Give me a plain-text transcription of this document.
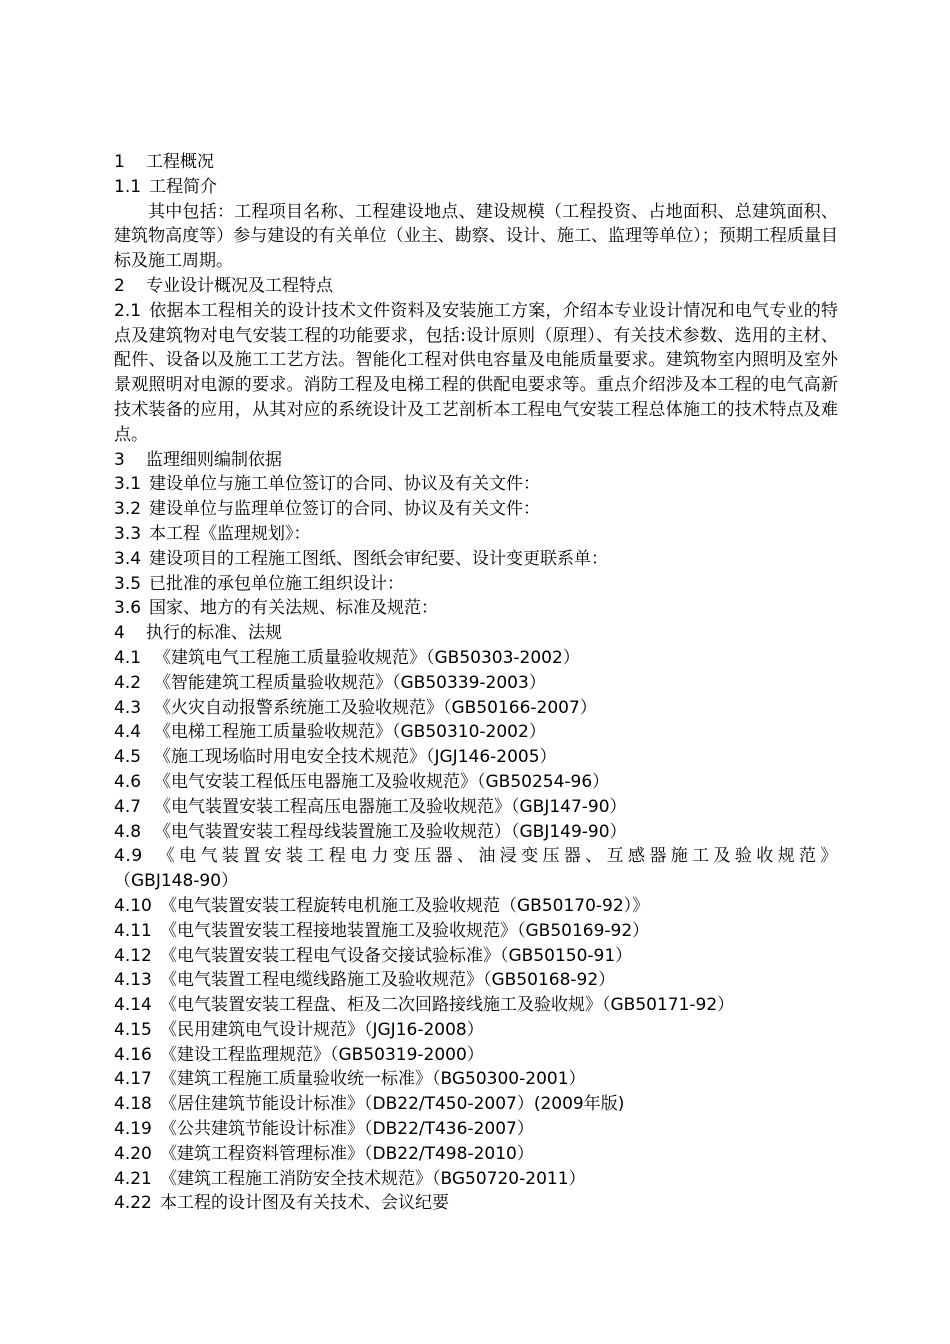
1 工程概况
1.1 工程简介
其中包括：工程项目名称、工程建设地点、建设规模（工程投资、占地面积、总建筑面积、建筑物高度等）参与建设的有关单位（业主、勘察、设计、施工、监理等单位）；预期工程质量目标及施工周期。
2 专业设计概况及工程特点
2.1 依据本工程相关的设计技术文件资料及安装施工方案，介绍本专业设计情况和电气专业的特点及建筑物对电气安装工程的功能要求，包括:设计原则（原理）、有关技术参数、选用的主材、配件、设备以及施工工艺方法。智能化工程对供电容量及电能质量要求。建筑物室内照明及室外景观照明对电源的要求。消防工程及电梯工程的供配电要求等。重点介绍涉及本工程的电气高新技术装备的应用，从其对应的系统设计及工艺剖析本工程电气安装工程总体施工的技术特点及难点。
3 监理细则编制依据
3.1 建设单位与施工单位签订的合同、协议及有关文件：
3.2 建设单位与监理单位签订的合同、协议及有关文件：
3.3 本工程《监理规划》：
3.4 建设项目的工程施工图纸、图纸会审纪要、设计变更联系单：
3.5 已批准的承包单位施工组织设计：
3.6 国家、地方的有关法规、标准及规范：
4 执行的标准、法规
4.1 《建筑电气工程施工质量验收规范》（GB50303-2002）
4.2 《智能建筑工程质量验收规范》（GB50339-2003）
4.3 《火灾自动报警系统施工及验收规范》（GB50166-2007）
4.4 《电梯工程施工质量验收规范》（GB50310-2002）
4.5 《施工现场临时用电安全技术规范》（JGJ146-2005）
4.6 《电气安装工程低压电器施工及验收规范》（GB50254-96）
4.7 《电气装置安装工程高压电器施工及验收规范》（GBJ147-90）
4.8 《电气装置安装工程母线装置施工及验收规范）（GBJ149-90）
4.9 《电气装置安装工程电力变压器、油浸变压器、互感器施工及验收规范》
（GBJ148-90）
4.10 《电气装置安装工程旋转电机施工及验收规范（GB50170-92）》
4.11 《电气装置安装工程接地装置施工及验收规范》（GB50169-92）
4.12 《电气装置安装工程电气设备交接试验标准》（GB50150-91）
4.13 《电气装置工程电缆线路施工及验收规范》（GB50168-92）
4.14 《电气装置安装工程盘、柜及二次回路接线施工及验收规》（GB50171-92）
4.15 《民用建筑电气设计规范》（JGJ16-2008）
4.16 《建设工程监理规范》（GB50319-2000）
4.17 《建筑工程施工质量验收统一标准》（BG50300-2001）
4.18 《居住建筑节能设计标准》（DB22/T450-2007）(2009年版)
4.19 《公共建筑节能设计标准》（DB22/T436-2007）
4.20 《建筑工程资料管理标准》（DB22/T498-2010）
4.21 《建筑工程施工消防安全技术规范》（BG50720-2011）
4.22 本工程的设计图及有关技术、会议纪要
